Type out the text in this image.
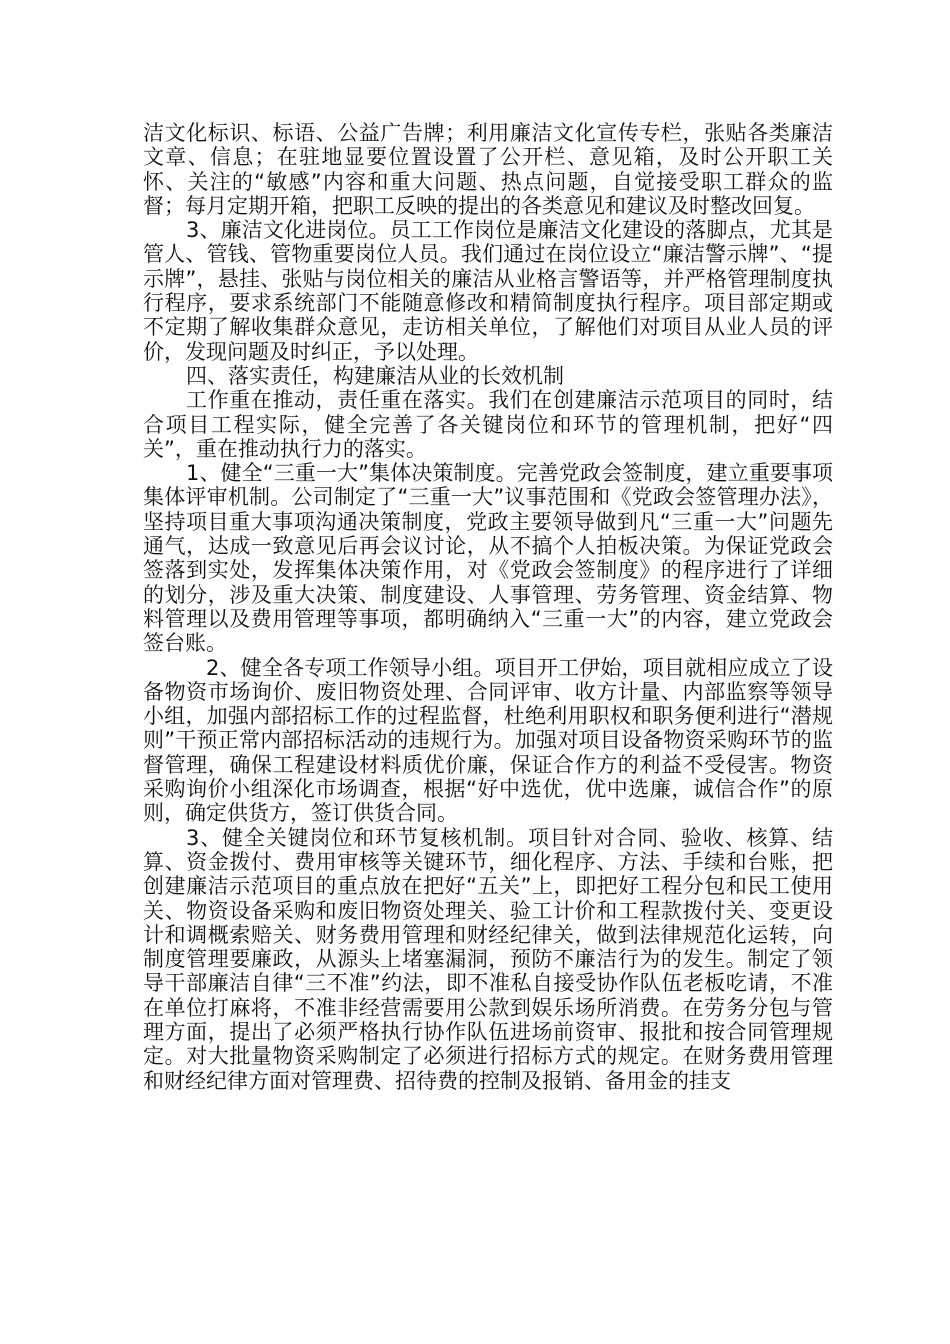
洁文化标识、标语、公益广告牌；利用廉洁文化宣传专栏，张贴各类廉洁文章、信息；在驻地显要位置设置了公开栏、意见箱，及时公开职工关怀、关注的“敏感”内容和重大问题、热点问题，自觉接受职工群众的监督；每月定期开箱，把职工反映的提出的各类意见和建议及时整改回复。

3、廉洁文化进岗位。员工工作岗位是廉洁文化建设的落脚点，尤其是管人、管钱、管物重要岗位人员。我们通过在岗位设立“廉洁警示牌”、“提示牌”，悬挂、张贴与岗位相关的廉洁从业格言警语等，并严格管理制度执行程序，要求系统部门不能随意修改和精简制度执行程序。项目部定期或不定期了解收集群众意见，走访相关单位，了解他们对项目从业人员的评价，发现问题及时纠正，予以处理。

四、落实责任，构建廉洁从业的长效机制

工作重在推动，责任重在落实。我们在创建廉洁示范项目的同时，结合项目工程实际，健全完善了各关键岗位和环节的管理机制，把好“四关”，重在推动执行力的落实。

1、健全“三重一大”集体决策制度。完善党政会签制度，建立重要事项集体评审机制。公司制定了“三重一大”议事范围和《党政会签管理办法》，坚持项目重大事项沟通决策制度，党政主要领导做到凡“三重一大”问题先通气，达成一致意见后再会议讨论，从不搞个人拍板决策。为保证党政会签落到实处，发挥集体决策作用，对《党政会签制度》的程序进行了详细的划分，涉及重大决策、制度建设、人事管理、劳务管理、资金结算、物料管理以及费用管理等事项，都明确纳入“三重一大”的内容，建立党政会签台账。

2、健全各专项工作领导小组。项目开工伊始，项目就相应成立了设备物资市场询价、废旧物资处理、合同评审、收方计量、内部监察等领导小组，加强内部招标工作的过程监督，杜绝利用职权和职务便利进行“潜规则”干预正常内部招标活动的违规行为。加强对项目设备物资采购环节的监督管理，确保工程建设材料质优价廉，保证合作方的利益不受侵害。物资采购询价小组深化市场调查，根据“好中选优，优中选廉，诚信合作”的原则，确定供货方，签订供货合同。

3、健全关键岗位和环节复核机制。项目针对合同、验收、核算、结算、资金拨付、费用审核等关键环节，细化程序、方法、手续和台账，把创建廉洁示范项目的重点放在把好“五关”上，即把好工程分包和民工使用关、物资设备采购和废旧物资处理关、验工计价和工程款拨付关、变更设计和调概索赔关、财务费用管理和财经纪律关，做到法律规范化运转，向制度管理要廉政，从源头上堵塞漏洞，预防不廉洁行为的发生。制定了领导干部廉洁自律“三不准”约法，即不准私自接受协作队伍老板吃请，不准在单位打麻将，不准非经营需要用公款到娱乐场所消费。在劳务分包与管理方面，提出了必须严格执行协作队伍进场前资审、报批和按合同管理规定。对大批量物资采购制定了必须进行招标方式的规定。在财务费用管理和财经纪律方面对管理费、招待费的控制及报销、备用金的挂支
